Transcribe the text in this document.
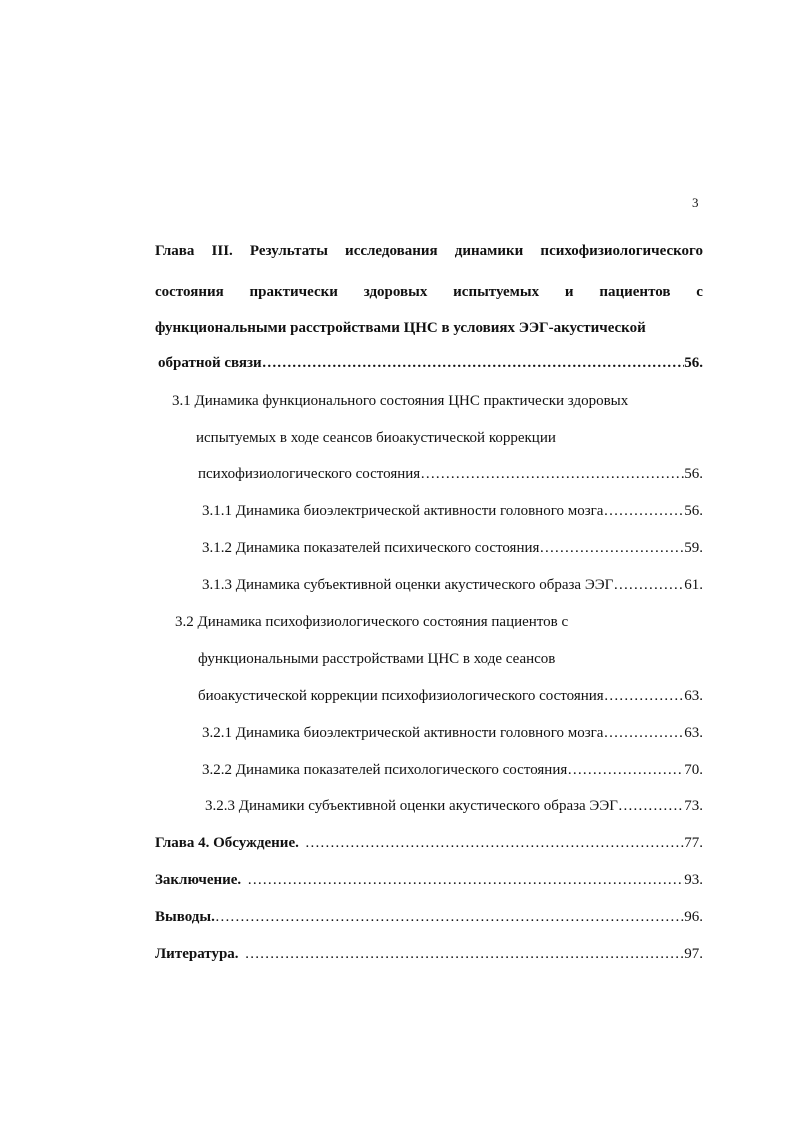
3
Глава III. Результаты исследования динамики психофизиологического
состояния практически здоровых испытуемых и пациентов с
функциональными расстройствами ЦНС в условиях ЭЭГ-акустической
обратной связи ……………………………………………………………………………………………………………………………………	56.
3.1 Динамика функционального состояния ЦНС практически здоровых
испытуемых в ходе сеансов биоакустической коррекции
психофизиологического состояния ……………………………………………………………………………………………………………………………………	56.
3.1.1 Динамика биоэлектрической активности головного мозга ……………………………………………………………………………………………………………………………………	56.
3.1.2 Динамика показателей психического состояния ……………………………………………………………………………………………………………………………………	59.
3.1.3 Динамика субъективной оценки акустического образа ЭЭГ ……………………………………………………………………………………………………………………………………	61.
3.2 Динамика психофизиологического состояния пациентов с
функциональными расстройствами ЦНС в ходе сеансов
биоакустической коррекции психофизиологического состояния ……………………………………………………………………………………………………………………………………	63.
3.2.1 Динамика биоэлектрической активности головного мозга ……………………………………………………………………………………………………………………………………	63.
3.2.2 Динамика показателей психологического состояния ……………………………………………………………………………………………………………………………………	70.
3.2.3 Динамики субъективной оценки акустического образа ЭЭГ ……………………………………………………………………………………………………………………………………	73.
Глава 4. Обсуждение. ……………………………………………………………………………………………………………………………………	77.
Заключение. ……………………………………………………………………………………………………………………………………	93.
Выводы. ……………………………………………………………………………………………………………………………………	96.
Литература. ……………………………………………………………………………………………………………………………………	97.
